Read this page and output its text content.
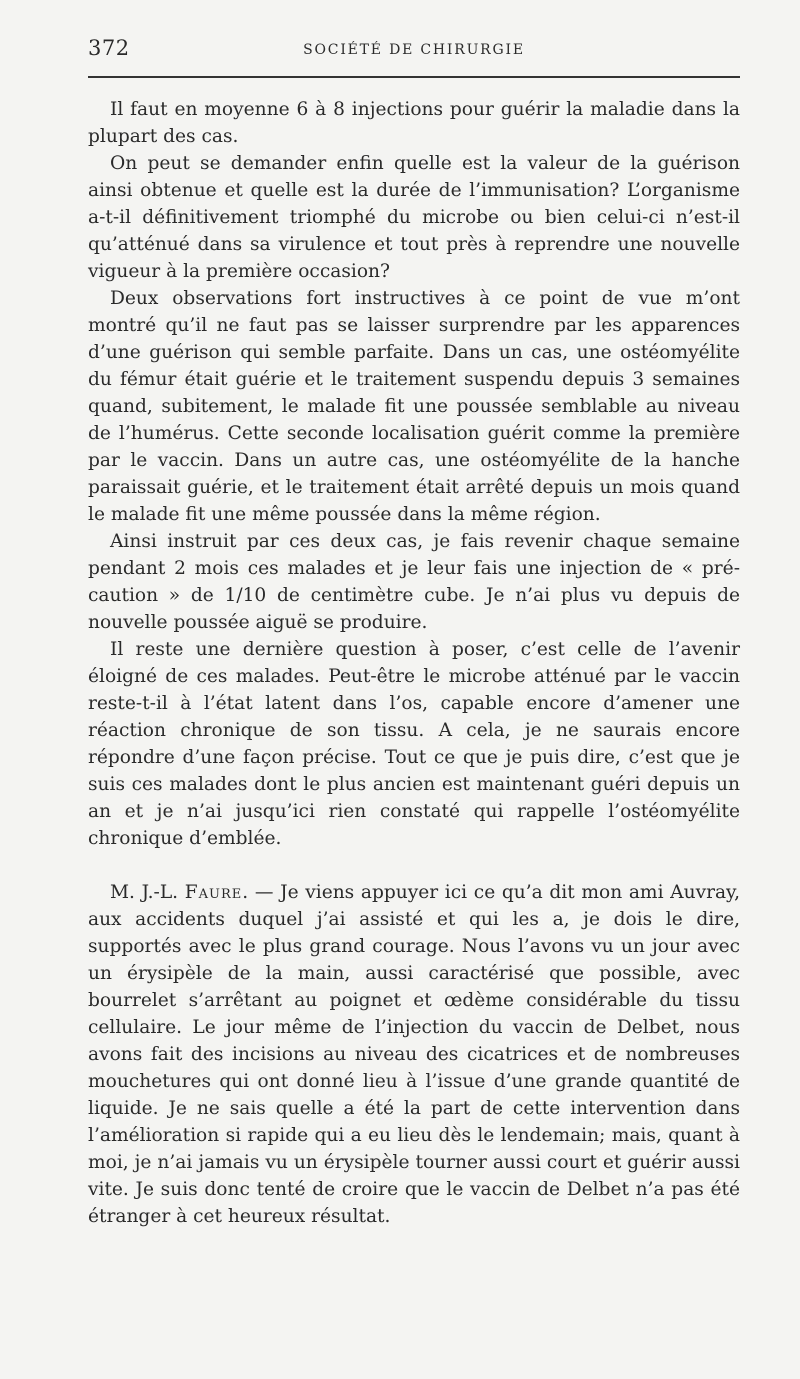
372	SOCIÉTÉ DE CHIRURGIE

Il faut en moyenne 6 à 8 injections pour guérir la maladie dans la plupart des cas.

On peut se demander enfin quelle est la valeur de la guérison ainsi obtenue et quelle est la durée de l’immunisation? L’organisme a-t-il définitivement triomphé du microbe ou bien celui-ci n’est-il qu’atténué dans sa virulence et tout près à reprendre une nouvelle vigueur à la première occasion?

Deux observations fort instructives à ce point de vue m’ont montré qu’il ne faut pas se laisser surprendre par les apparences d’une guérison qui semble parfaite. Dans un cas, une ostéomyélite du fémur était guérie et le traitement suspendu depuis 3 semaines quand, subitement, le malade fit une poussée semblable au niveau de l’humérus. Cette seconde localisation guérit comme la première par le vaccin. Dans un autre cas, une ostéomyélite de la hanche paraissait guérie, et le traitement était arrêté depuis un mois quand le malade fit une même poussée dans la même région.

Ainsi instruit par ces deux cas, je fais revenir chaque semaine pendant 2 mois ces malades et je leur fais une injection de « précaution » de 1/10 de centimètre cube. Je n’ai plus vu depuis de nouvelle poussée aiguë se produire.

Il reste une dernière question à poser, c’est celle de l’avenir éloigné de ces malades. Peut-être le microbe atténué par le vaccin reste-t-il à l’état latent dans l’os, capable encore d’amener une réaction chronique de son tissu. A cela, je ne saurais encore répondre d’une façon précise. Tout ce que je puis dire, c’est que je suis ces malades dont le plus ancien est maintenant guéri depuis un an et je n’ai jusqu’ici rien constaté qui rappelle l’ostéomyélite chronique d’emblée.

M. J.-L. Faure. — Je viens appuyer ici ce qu’a dit mon ami Auvray, aux accidents duquel j’ai assisté et qui les a, je dois le dire, supportés avec le plus grand courage. Nous l’avons vu un jour avec un érysipèle de la main, aussi caractérisé que possible, avec bourrelet s’arrêtant au poignet et œdème considérable du tissu cellulaire. Le jour même de l’injection du vaccin de Delbet, nous avons fait des incisions au niveau des cicatrices et de nombreuses mouchetures qui ont donné lieu à l’issue d’une grande quantité de liquide. Je ne sais quelle a été la part de cette intervention dans l’amélioration si rapide qui a eu lieu dès le lendemain; mais, quant à moi, je n’ai jamais vu un érysipèle tourner aussi court et guérir aussi vite. Je suis donc tenté de croire que le vaccin de Delbet n’a pas été étranger à cet heureux résultat.
